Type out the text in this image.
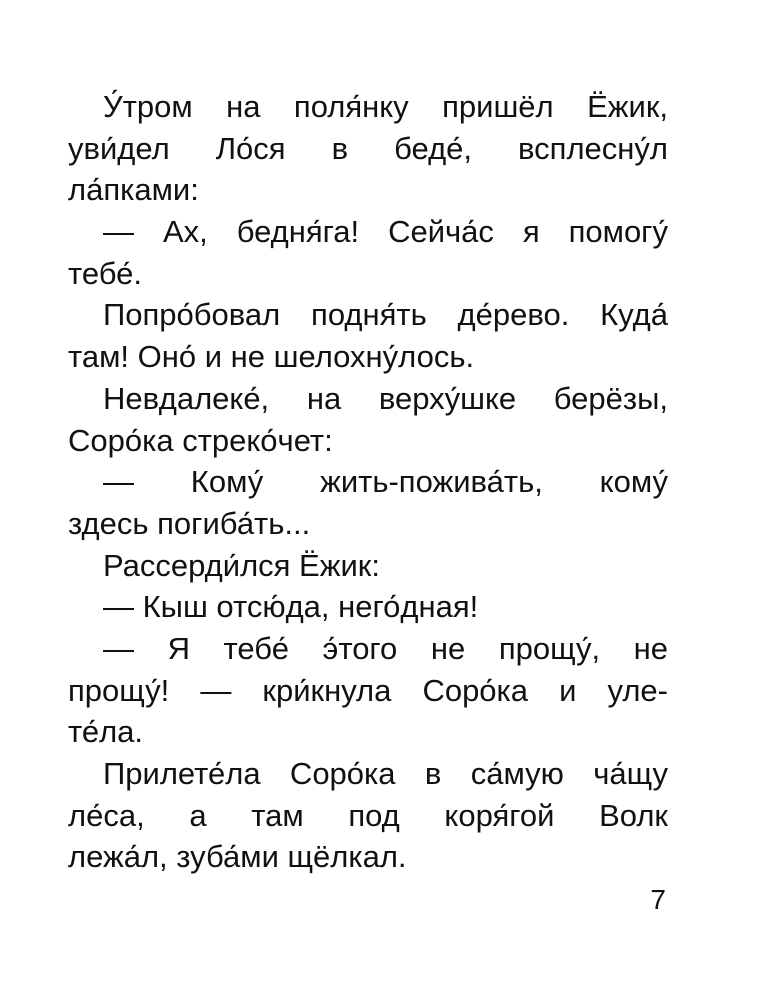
У́тром на поля́нку пришёл Ёжик,
уви́дел Ло́ся в беде́, всплесну́л
ла́пками:
— Ах, бедня́га! Сейча́с я помогу́
тебе́.
Попро́бовал подня́ть де́рево. Куда́
там! Оно́ и не шелохну́лось.
Невдалеке́, на верху́шке берёзы,
Соро́ка стреко́чет:
— Кому́ жить-пожива́ть, кому́
здесь погиба́ть...
Рассерди́лся Ёжик:
— Кыш отсю́да, него́дная!
— Я тебе́ э́того не прощу́, не
прощу́! — кри́кнула Соро́ка и уле-
те́ла.
Прилете́ла Соро́ка в са́мую ча́щу
ле́са, а там под коря́гой Волк
лежа́л, зуба́ми щёлкал.
7
